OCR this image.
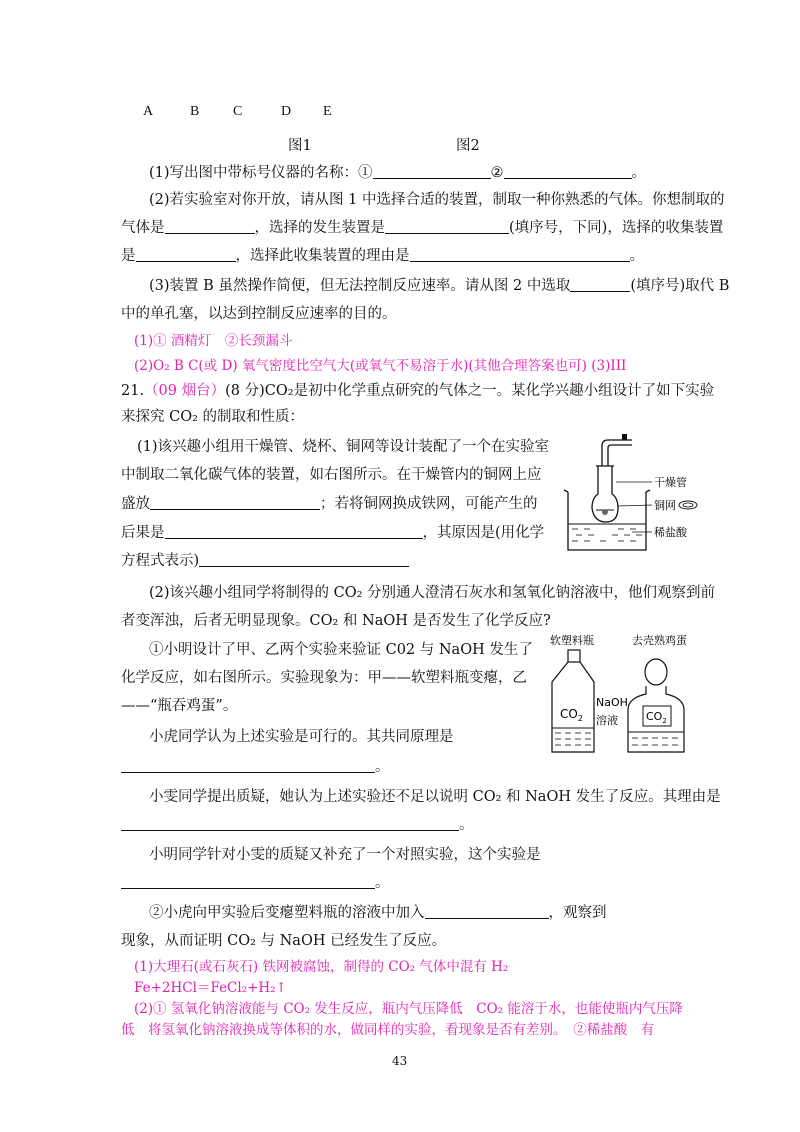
A	B C	D E
图1	图2
(1)写出图中带标号仪器的名称：①	②	。
(2)若实验室对你开放，请从图 1 中选择合适的装置，制取一种你熟悉的气体。你想制取的
气体是	，选择的发生装置是	(填序号，下同)，选择的收集装置
是	，选择此收集装置的理由是	。
(3)装置 B 虽然操作简便，但无法控制反应速率。请从图 2 中选取	(填序号)取代 B
中的单孔塞，以达到控制反应速率的目的。
(1)① 酒精灯　②长颈漏斗
(2)O₂ B C(或 D) 氧气密度比空气大(或氧气不易溶于水)(其他合理答案也可) (3)III
21.（09 烟台）(8 分)CO₂是初中化学重点研究的气体之一。某化学兴趣小组设计了如下实验
来探究 CO₂ 的制取和性质：
(1)该兴趣小组用干燥管、烧杯、铜网等设计装配了一个在实验室
中制取二氧化碳气体的装置，如右图所示。在干燥管内的铜网上应
盛放	；若将铜网换成铁网，可能产生的
后果是	，其原因是(用化学
方程式表示)
干燥管
铜网
稀盐酸
(2)该兴趣小组同学将制得的 CO₂ 分别通人澄清石灰水和氢氧化钠溶液中，他们观察到前
者变浑浊，后者无明显现象。CO₂ 和 NaOH 是否发生了化学反应?
①小明设计了甲、乙两个实验来验证 C02 与 NaOH 发生了
化学反应，如右图所示。实验现象为：甲——软塑料瓶变瘪，乙
——“瓶吞鸡蛋”。
软塑料瓶	去壳熟鸡蛋
$CO_2$
NaOH
溶液	$CO_2$
小虎同学认为上述实验是可行的。其共同原理是
。
小雯同学提出质疑，她认为上述实验还不足以说明 CO₂ 和 NaOH 发生了反应。其理由是
。
小明同学针对小雯的质疑又补充了一个对照实验，这个实验是
。
②小虎向甲实验后变瘪塑料瓶的溶液中加入	，观察到
现象，从而证明 CO₂ 与 NaOH 已经发生了反应。
(1)大理石(或石灰石) 铁网被腐蚀，制得的 CO₂ 气体中混有 H₂
Fe+2HCl＝FeCl₂+H₂↑
(2)① 氢氧化钠溶液能与 CO₂ 发生反应，瓶内气压降低　CO₂ 能溶于水，也能使瓶内气压降
低　将氢氧化钠溶液换成等体积的水，做同样的实验，看现象是否有差别。　②稀盐酸　有
43
